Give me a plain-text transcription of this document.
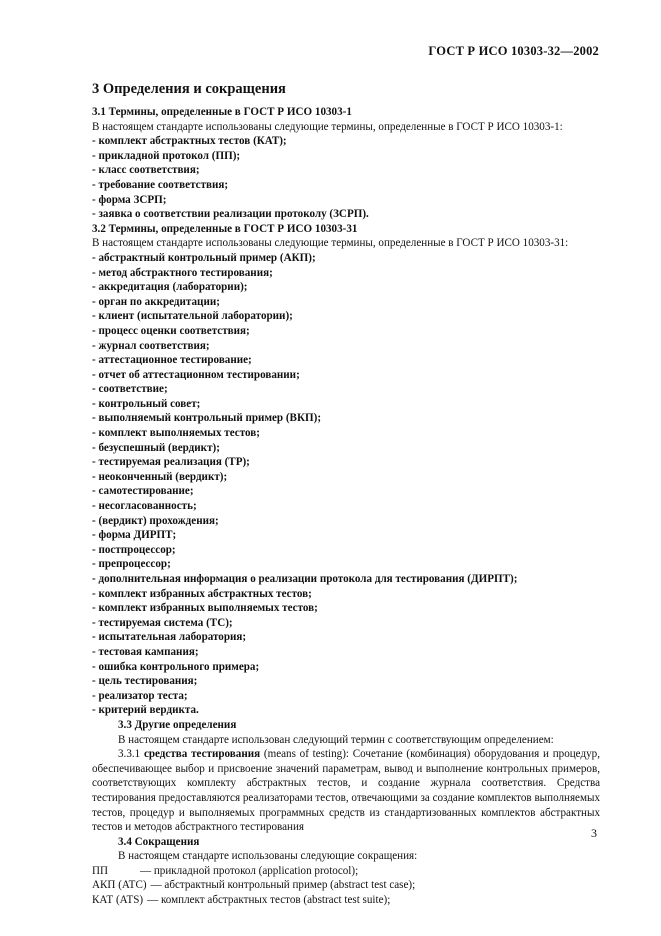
ГОСТ Р ИСО 10303-32—2002
3 Определения и сокращения
3.1 Термины, определенные в ГОСТ Р ИСО 10303-1
В настоящем стандарте использованы следующие термины, определенные в ГОСТ Р ИСО 10303-1:
- комплект абстрактных тестов (КАТ);
- прикладной протокол (ПП);
- класс соответствия;
- требование соответствия;
- форма ЗСРП;
- заявка о соответствии реализации протоколу (ЗСРП).
3.2 Термины, определенные в ГОСТ Р ИСО 10303-31
В настоящем стандарте использованы следующие термины, определенные в ГОСТ Р ИСО 10303-31:
- абстрактный контрольный пример (АКП);
- метод абстрактного тестирования;
- аккредитация (лаборатории);
- орган по аккредитации;
- клиент (испытательной лаборатории);
- процесс оценки соответствия;
- журнал соответствия;
- аттестационное тестирование;
- отчет об аттестационном тестировании;
- соответствие;
- контрольный совет;
- выполняемый контрольный пример (ВКП);
- комплект выполняемых тестов;
- безуспешный (вердикт);
- тестируемая реализация (ТР);
- неоконченный (вердикт);
- самотестирование;
- несогласованность;
- (вердикт) прохождения;
- форма ДИРПТ;
- постпроцессор;
- препроцессор;
- дополнительная информация о реализации протокола для тестирования (ДИРПТ);
- комплект избранных абстрактных тестов;
- комплект избранных выполняемых тестов;
- тестируемая система (ТС);
- испытательная лаборатория;
- тестовая кампания;
- ошибка контрольного примера;
- цель тестирования;
- реализатор теста;
- критерий вердикта.
3.3 Другие определения
В настоящем стандарте использован следующий термин с соответствующим определением:
3.3.1 средства тестирования (means of testing): Сочетание (комбинация) оборудования и процедур, обеспечивающее выбор и присвоение значений параметрам, вывод и выполнение контрольных примеров, соответствующих комплекту абстрактных тестов, и создание журнала соответствия. Средства тестирования предоставляются реализаторами тестов, отвечающими за создание комплектов выполняемых тестов, процедур и выполняемых программных средств из стандартизованных комплектов абстрактных тестов и методов абстрактного тестирования
3.4 Сокращения
В настоящем стандарте использованы следующие сокращения:
ПП	— прикладной протокол (application protocol);
АКП (ATC) — абстрактный контрольный пример (abstract test case);
КАТ (ATS) — комплект абстрактных тестов (abstract test suite);
3
